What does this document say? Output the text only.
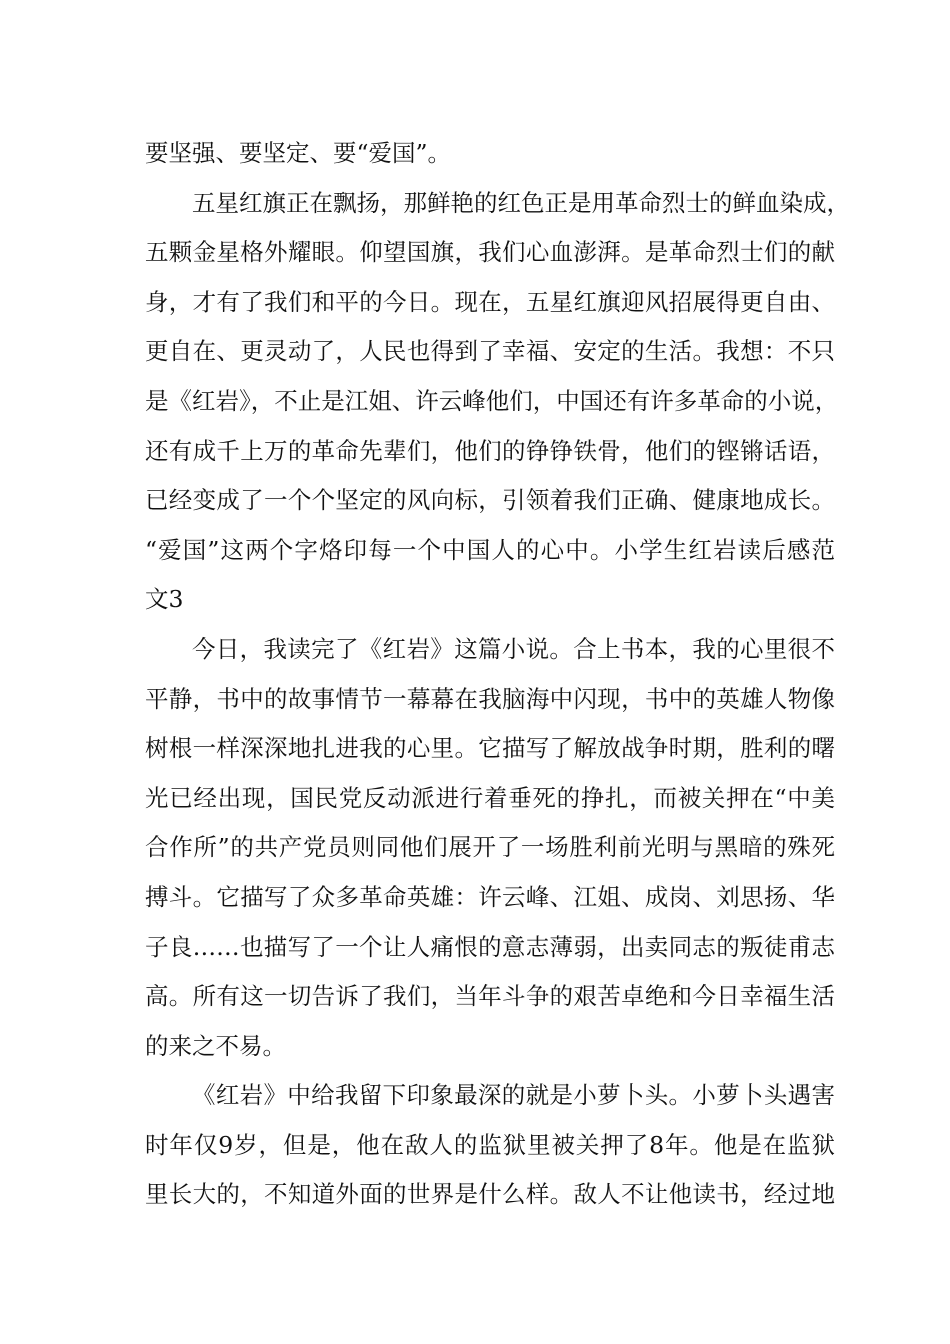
要坚强、要坚定、要“爱国”。
五星红旗正在飘扬，那鲜艳的红色正是用革命烈士的鲜血染成，
五颗金星格外耀眼。仰望国旗，我们心血澎湃。是革命烈士们的献
身，才有了我们和平的今日。现在，五星红旗迎风招展得更自由、
更自在、更灵动了，人民也得到了幸福、安定的生活。我想：不只
是《红岩》，不止是江姐、许云峰他们，中国还有许多革命的小说，
还有成千上万的革命先辈们，他们的铮铮铁骨，他们的铿锵话语，
已经变成了一个个坚定的风向标，引领着我们正确、健康地成长。
“爱国”这两个字烙印每一个中国人的心中。小学生红岩读后感范
文3
今日，我读完了《红岩》这篇小说。合上书本，我的心里很不
平静，书中的故事情节一幕幕在我脑海中闪现，书中的英雄人物像
树根一样深深地扎进我的心里。它描写了解放战争时期，胜利的曙
光已经出现，国民党反动派进行着垂死的挣扎，而被关押在“中美
合作所”的共产党员则同他们展开了一场胜利前光明与黑暗的殊死
搏斗。它描写了众多革命英雄：许云峰、江姐、成岗、刘思扬、华
子良……也描写了一个让人痛恨的意志薄弱，出卖同志的叛徒甫志
高。所有这一切告诉了我们，当年斗争的艰苦卓绝和今日幸福生活
的来之不易。
《红岩》中给我留下印象最深的就是小萝卜头。小萝卜头遇害
时年仅9岁，但是，他在敌人的监狱里被关押了8年。他是在监狱
里长大的，不知道外面的世界是什么样。敌人不让他读书，经过地
